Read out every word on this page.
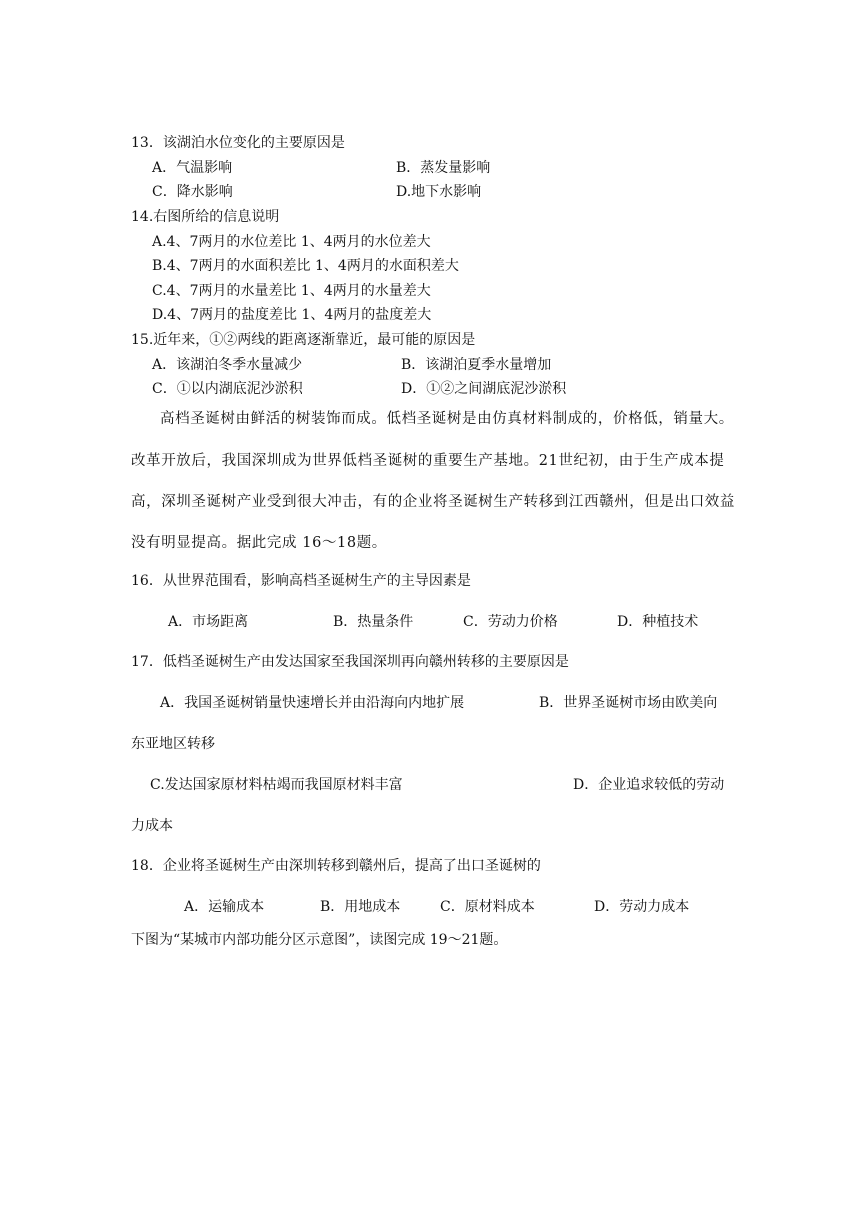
13．该湖泊水位变化的主要原因是
A．气温影响	B．蒸发量影响
C．降水影响	D.地下水影响
14.右图所给的信息说明
A.4、7两月的水位差比 1、4两月的水位差大
B.4、7两月的水面积差比 1、4两月的水面积差大
C.4、7两月的水量差比 1、4两月的水量差大
D.4、7两月的盐度差比 1、4两月的盐度差大
15.近年来，①②两线的距离逐渐靠近，最可能的原因是
A．该湖泊冬季水量减少	B．该湖泊夏季水量增加
C．①以内湖底泥沙淤积	D．①②之间湖底泥沙淤积
高档圣诞树由鲜活的树装饰而成。低档圣诞树是由仿真材料制成的，价格低，销量大。
改革开放后，我国深圳成为世界低档圣诞树的重要生产基地。21世纪初，由于生产成本提
高，深圳圣诞树产业受到很大冲击，有的企业将圣诞树生产转移到江西赣州，但是出口效益
没有明显提高。据此完成 16～18题。
16．从世界范围看，影响高档圣诞树生产的主导因素是
A．市场距离	B．热量条件	C．劳动力价格	D．种植技术
17．低档圣诞树生产由发达国家至我国深圳再向赣州转移的主要原因是
A．我国圣诞树销量快速增长并由沿海向内地扩展	B．世界圣诞树市场由欧美向
东亚地区转移
C.发达国家原材料枯竭而我国原材料丰富	D．企业追求较低的劳动
力成本
18．企业将圣诞树生产由深圳转移到赣州后，提高了出口圣诞树的
A．运输成本	B．用地成本	C．原材料成本	D．劳动力成本
下图为“某城市内部功能分区示意图”，读图完成 19～21题。
